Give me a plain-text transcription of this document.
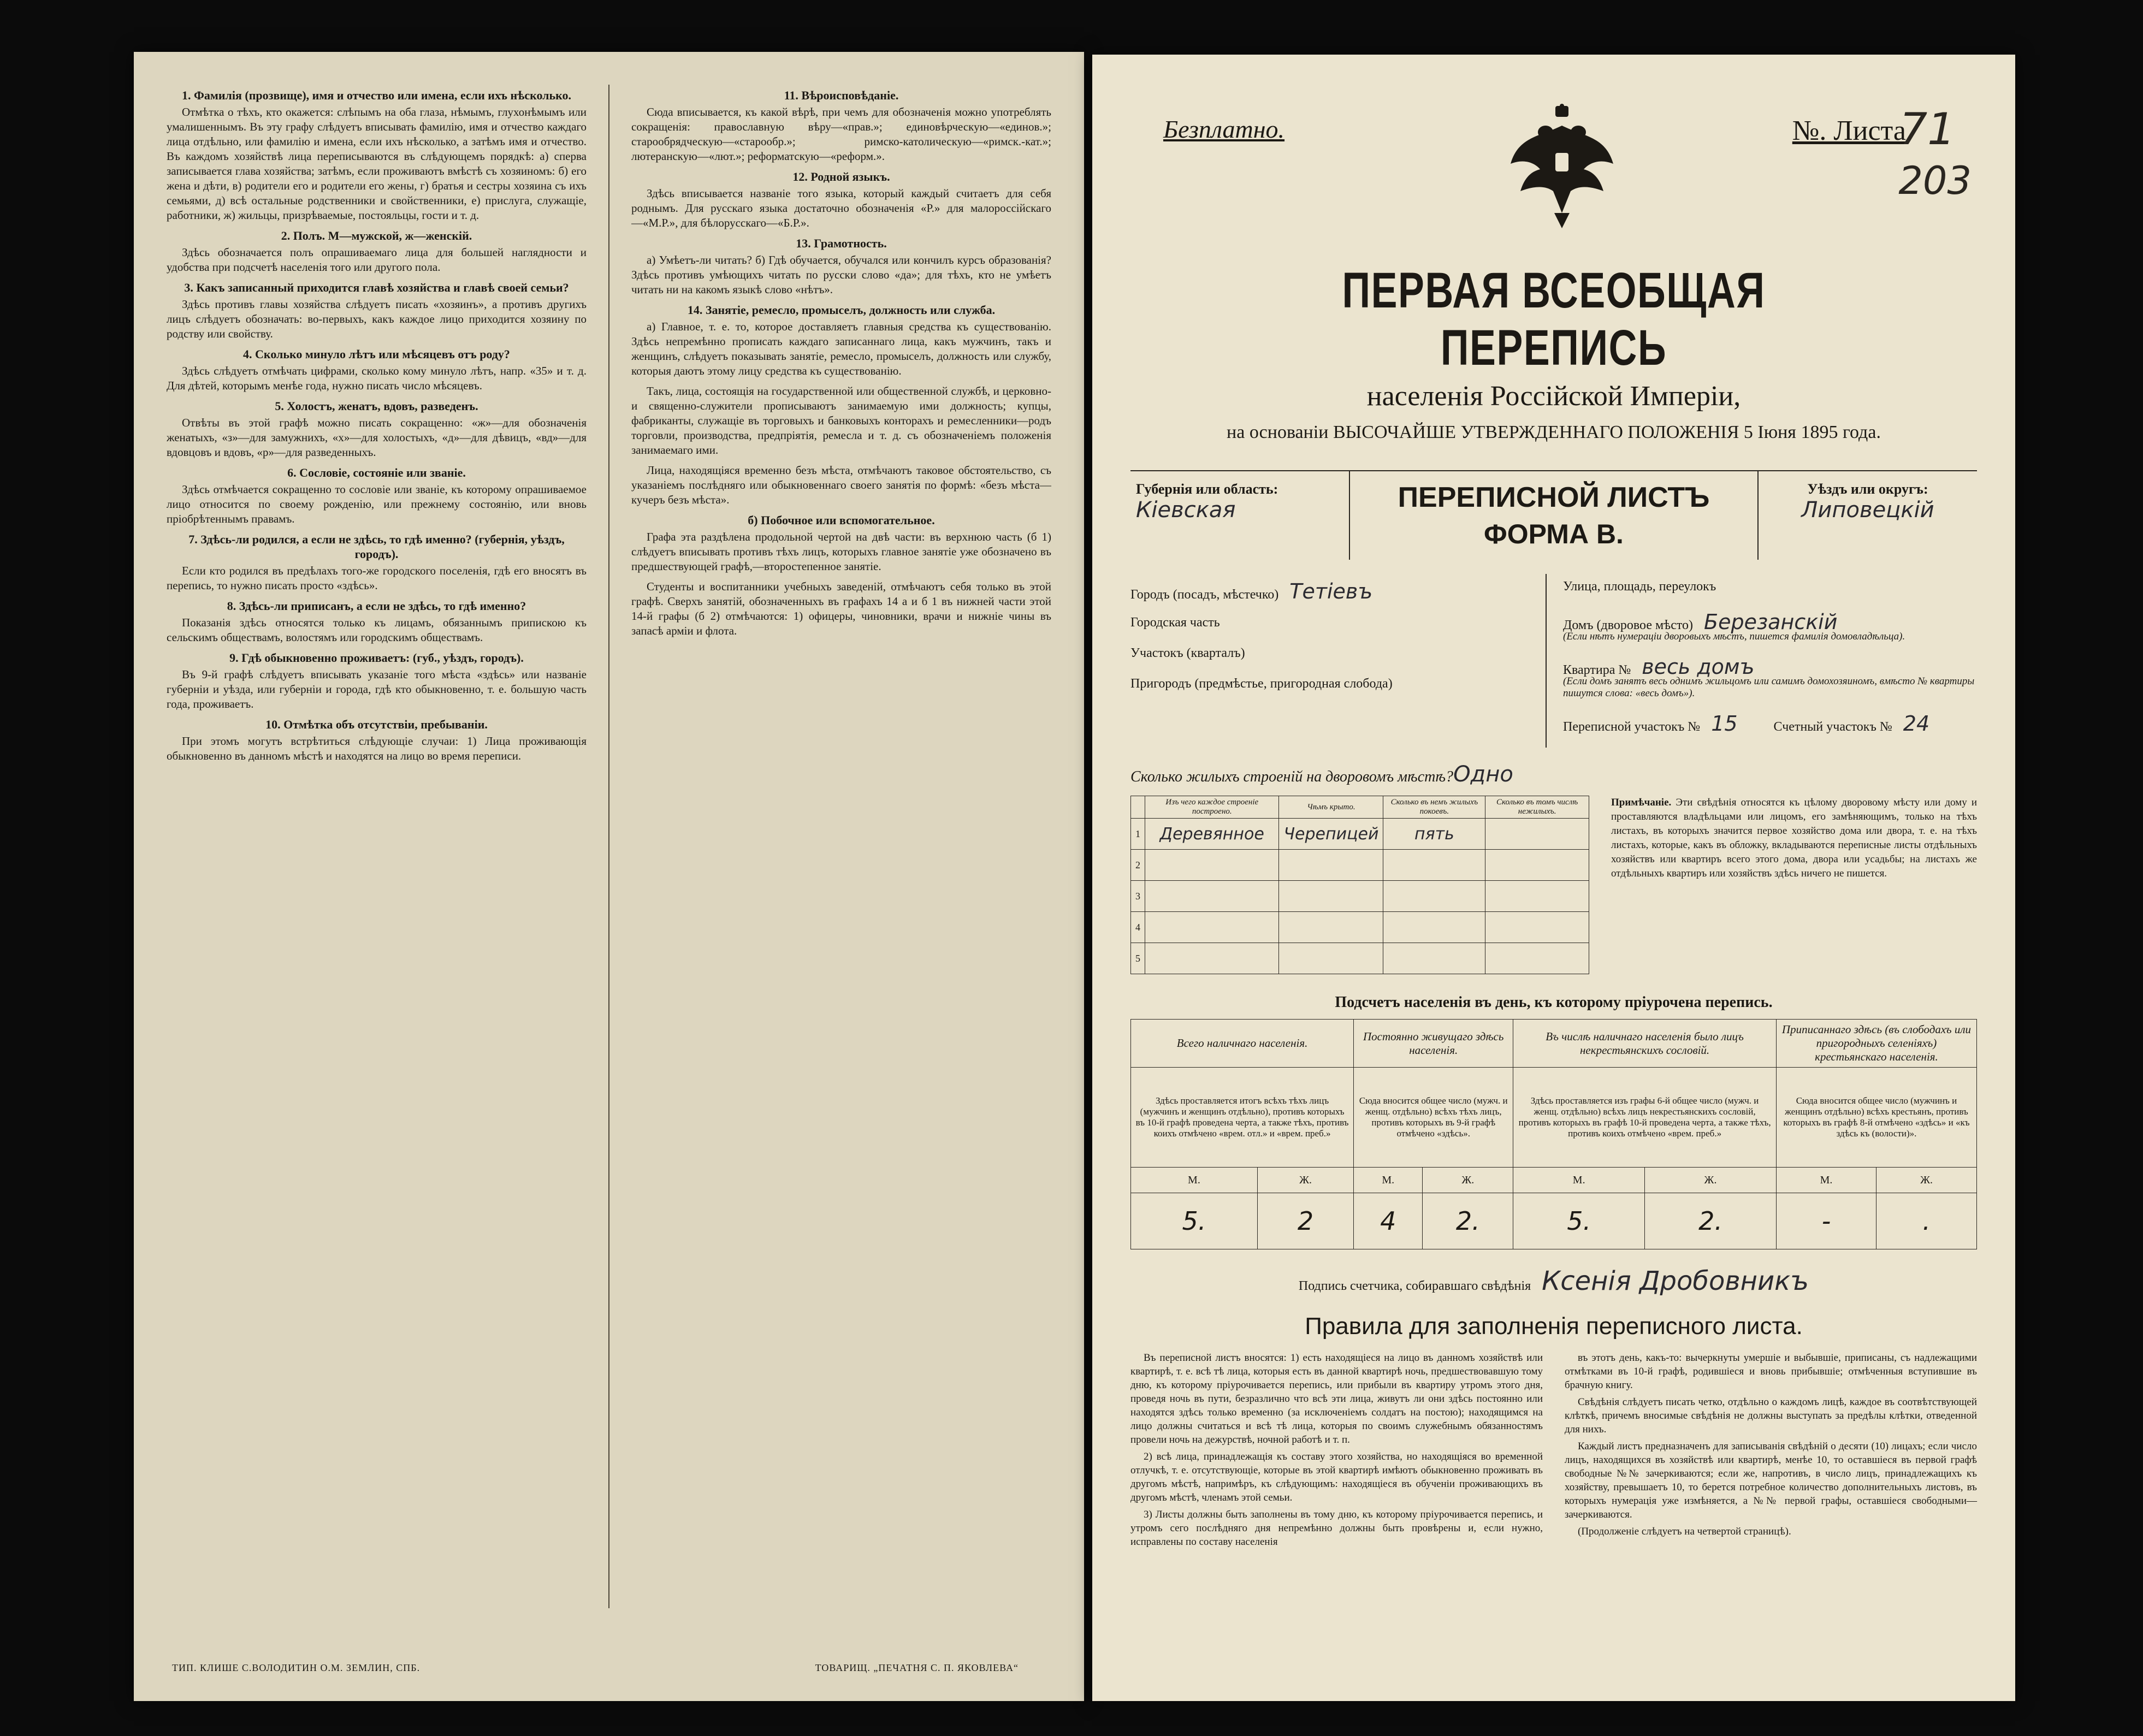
1. Фамилія (прозвище), имя и отчество или имена, если ихъ нѣсколько.

Отмѣтка о тѣхъ, кто окажется: слѣпымъ на оба глаза, нѣмымъ, глухонѣмымъ или умалишеннымъ. Въ эту графу слѣдуетъ вписывать фамилію, имя и отчество каждаго лица отдѣльно, или фамилію и имена, если ихъ нѣсколько, а затѣмъ имя и отчество. Въ каждомъ хозяйствѣ лица переписываются въ слѣдующемъ порядкѣ: а) сперва записывается глава хозяйства; затѣмъ, если проживаютъ вмѣстѣ съ хозяиномъ: б) его жена и дѣти, в) родители его и родители его жены, г) братья и сестры хозяина съ ихъ семьями, д) всѣ остальные родственники и свойственники, е) прислуга, служащіе, работники, ж) жильцы, призрѣваемые, постояльцы, гости и т. д.

2. Полъ. М—мужской, ж—женскій.

Здѣсь обозначается полъ опрашиваемаго лица для большей наглядности и удобства при подсчетѣ населенія того или другого пола.

3. Какъ записанный приходится главѣ хозяйства и главѣ своей семьи?

Здѣсь противъ главы хозяйства слѣдуетъ писать «хозяинъ», а противъ другихъ лицъ слѣдуетъ обозначать: во-первыхъ, какъ каждое лицо приходится хозяину по родству или свойству.

4. Сколько минуло лѣтъ или мѣсяцевъ отъ роду?

Здѣсь слѣдуетъ отмѣчать цифрами, сколько кому минуло лѣтъ, напр. «35» и т. д. Для дѣтей, которымъ менѣе года, нужно писать число мѣсяцевъ.

5. Холостъ, женатъ, вдовъ, разведенъ.

Отвѣты въ этой графѣ можно писать сокращенно: «ж»—для обозначенія женатыхъ, «з»—для замужнихъ, «х»—для холостыхъ, «д»—для дѣвицъ, «вд»—для вдовцовъ и вдовъ, «р»—для разведенныхъ.

6. Сословіе, состояніе или званіе.

Здѣсь отмѣчается сокращенно то сословіе или званіе, къ которому опрашиваемое лицо относится по своему рожденію, или прежнему состоянію, или вновь пріобрѣтеннымъ правамъ.

7. Здѣсь-ли родился, а если не здѣсь, то гдѣ именно? (губернія, уѣздъ, городъ).

Если кто родился въ предѣлахъ того-же городского поселенія, гдѣ его вносятъ въ перепись, то нужно писать просто «здѣсь».

8. Здѣсь-ли приписанъ, а если не здѣсь, то гдѣ именно?

Показанія здѣсь относятся только къ лицамъ, обязаннымъ припискою къ сельскимъ обществамъ, волостямъ или городскимъ обществамъ.

9. Гдѣ обыкновенно проживаетъ: (губ., уѣздъ, городъ).

Въ 9-й графѣ слѣдуетъ вписывать указаніе того мѣста «здѣсь» или названіе губерніи и уѣзда, или губерніи и города, гдѣ кто обыкновенно, т. е. большую часть года, проживаетъ.

10. Отмѣтка объ отсутствіи, пребываніи.

При этомъ могутъ встрѣтиться слѣдующіе случаи: 1) Лица проживающія обыкновенно въ данномъ мѣстѣ и находятся на лицо во время переписи.

11. Вѣроисповѣданіе.

Сюда вписывается, къ какой вѣрѣ, при чемъ для обозначенія можно употреблять сокращенія: православную вѣру—«прав.»; единовѣрческую—«единов.»; старообрядческую—«старообр.»; римско-католическую—«римск.-кат.»; лютеранскую—«лют.»; реформатскую—«реформ.».

12. Родной языкъ.

Здѣсь вписывается названіе того языка, который каждый считаетъ для себя роднымъ. Для русскаго языка достаточно обозначенія «Р.» для малороссійскаго—«М.Р.», для бѣлорусскаго—«Б.Р.».

13. Грамотность.

а) Умѣетъ-ли читать? б) Гдѣ обучается, обучался или кончилъ курсъ образованія? Здѣсь противъ умѣющихъ читать по русски слово «да»; для тѣхъ, кто не умѣетъ читать ни на какомъ языкѣ слово «нѣтъ».

14. Занятіе, ремесло, промыселъ, должность или служба.

а) Главное, т. е. то, которое доставляетъ главныя средства къ существованію. Здѣсь непремѣнно прописать каждаго записаннаго лица, какъ мужчинъ, такъ и женщинъ, слѣдуетъ показывать занятіе, ремесло, промыселъ, должность или службу, которыя даютъ этому лицу средства къ существованію.

Такъ, лица, состоящія на государственной или общественной службѣ, и церковно-и священно-служители прописываютъ занимаемую ими должность; купцы, фабриканты, служащіе въ торговыхъ и банковыхъ конторахъ и ремесленники—родъ торговли, производства, предпріятія, ремесла и т. д. съ обозначеніемъ положенія занимаемаго ими.

Лица, находящіяся временно безъ мѣста, отмѣчаютъ таковое обстоятельство, съ указаніемъ послѣдняго или обыкновеннаго своего занятія по формѣ: «безъ мѣста—кучеръ безъ мѣста».

б) Побочное или вспомогательное.

Графа эта раздѣлена продольной чертой на двѣ части: въ верхнюю часть (б 1) слѣдуетъ вписывать противъ тѣхъ лицъ, которыхъ главное занятіе уже обозначено въ предшествующей графѣ,—второстепенное занятіе.

Студенты и воспитанники учебныхъ заведеній, отмѣчаютъ себя только въ этой графѣ. Сверхъ занятій, обозначенныхъ въ графахъ 14 а и б 1 въ нижней части этой 14-й графы (б 2) отмѣчаются: 1) офицеры, чиновники, врачи и нижніе чины въ запасѣ арміи и флота.

ТИП. КЛИШЕ С.ВОЛОДИТИН О.М. ЗЕМЛИН, СПБ.	ТОВАРИЩ. „ПЕЧАТНЯ С. П. ЯКОВЛЕВА“
Безплатно.	№. Листа
71
203
ПЕРВАЯ ВСЕОБЩАЯ ПЕРЕПИСЬ
населенія Россійской Имперіи,
на основаніи ВЫСОЧАЙШЕ УТВЕРЖДЕННАГО ПОЛОЖЕНІЯ 5 Іюня 1895 года.
Губернія или область:
Кіевская	ПЕРЕПИСНОЙ ЛИСТЪ
ФОРМА В.
Уѣздъ или округъ:
Липовецкій
Городъ (посадъ, мѣстечко) Тетіевъ
Городская часть
Участокъ (кварталъ)
Пригородъ (предмѣстье, пригородная слобода)
Улица, площадь, переулокъ
Домъ (дворовое мѣсто) Березанскій
(Если нѣтъ нумераціи дворовыхъ мѣстъ, пишется фамилія домовладѣльца).
Квартира № весь домъ
(Если домъ занятъ весь однимъ жильцомъ или самимъ домохозяиномъ, вмѣсто № квартиры пишутся слова: «весь домъ»).
Переписной участокъ № 15	Счетный участокъ № 24
Сколько жилыхъ строеній на дворовомъ мѣстѣ?Одно
	Изъ чего каждое строеніе построено.	Чѣмъ крыто.	Сколько въ немъ жилыхъ покоевъ.	Сколько въ томъ числѣ нежилыхъ.
1	Деревянное	Черепицей	пять	
2				
3				
4				
5				
Примѣчаніе. Эти свѣдѣнія относятся къ цѣлому дворовому мѣсту или дому и проставляются владѣльцами или лицомъ, его замѣняющимъ, только на тѣхъ листахъ, въ которыхъ значится первое хозяйство дома или двора, т. е. на тѣхъ листахъ, которые, какъ въ обложку, вкладываются переписные листы отдѣльныхъ хозяйствъ или квартиръ всего этого дома, двора или усадьбы; на листахъ же отдѣльныхъ квартиръ или хозяйствъ здѣсь ничего не пишется.
Подсчетъ населенія въ день, къ которому пріурочена перепись.
Всего наличнаго населенія.		Постоянно живущаго здѣсь населенія.		Въ числѣ наличнаго населенія было лицъ некрестьянскихъ сословій.		Приписаннаго здѣсь (въ слободахъ или пригородныхъ селеніяхъ) крестьянскаго населенія.	
Здѣсь проставляется итогъ всѣхъ тѣхъ лицъ (мужчинъ и женщинъ отдѣльно), противъ которыхъ въ 10-й графѣ проведена черта, а также тѣхъ, противъ коихъ отмѣчено «врем. отл.» и «врем. преб.»		Сюда вносится общее число (мужч. и женщ. отдѣльно) всѣхъ тѣхъ лицъ, противъ которыхъ въ 9-й графѣ отмѣчено «здѣсь».		Здѣсь проставляется изъ графы 6-й общее число (мужч. и женщ. отдѣльно) всѣхъ лицъ некрестьянскихъ сословій, противъ которыхъ въ графѣ 10-й проведена черта, а также тѣхъ, противъ коихъ отмѣчено «врем. преб.»		Сюда вносится общее число (мужчинъ и женщинъ отдѣльно) всѣхъ крестьянъ, противъ которыхъ въ графѣ 8-й отмѣчено «здѣсь» и «къ здѣсь къ (волости)».	
М.	Ж.	М.	Ж.	М.	Ж.	М.	Ж.
5.	2	4	2.	5.	2.	-	.
Подпись счетчика, собиравшаго свѣдѣнія Ксенія Дробовникъ
Правила для заполненія переписного листа.

Въ переписной листъ вносятся: 1) есть находящіеся на лицо въ данномъ хозяйствѣ или квартирѣ, т. е. всѣ тѣ лица, которыя есть въ данной квартирѣ ночь, предшествовавшую тому дню, къ которому пріурочивается перепись, или прибыли въ квартиру утромъ этого дня, проведя ночь въ пути, безразлично что всѣ эти лица, живутъ ли они здѣсь постоянно или находятся здѣсь только временно (за исключеніемъ солдатъ на постою); находящимся на лицо должны считаться и всѣ тѣ лица, которыя по своимъ служебнымъ обязанностямъ провели ночь на дежурствѣ, ночной работѣ и т. п.

2) всѣ лица, принадлежащія къ составу этого хозяйства, но находящіяся во временной отлучкѣ, т. е. отсутствующіе, которые въ этой квартирѣ имѣютъ обыкновенно проживать въ другомъ мѣстѣ, напримѣръ, къ слѣдующимъ: находящіеся въ обученіи проживающихъ въ другомъ мѣстѣ, членамъ этой семьи.

3) Листы должны быть заполнены въ тому дню, къ которому пріурочивается перепись, и утромъ сего послѣдняго дня непремѣнно должны быть провѣрены и, если нужно, исправлены по составу населенія

въ этотъ день, какъ-то: вычеркнуты умершіе и выбывшіе, приписаны, съ надлежащими отмѣтками въ 10-й графѣ, родившіеся и вновь прибывшіе; отмѣченныя вступившие въ брачную книгу.

Свѣдѣнія слѣдуетъ писать четко, отдѣльно о каждомъ лицѣ, каждое въ соотвѣтствующей клѣткѣ, причемъ вносимые свѣдѣнія не должны выступать за предѣлы клѣтки, отведенной для нихъ.

Каждый листъ предназначенъ для записыванія свѣдѣній о десяти (10) лицахъ; если число лицъ, находящихся въ хозяйствѣ или квартирѣ, менѣе 10, то оставшіеся въ первой графѣ свободные №№ зачеркиваются; если же, напротивъ, в число лицъ, принадлежащихъ къ хозяйству, превышаетъ 10, то берется потребное количество дополнительныхъ листовъ, въ которыхъ нумерація уже измѣняется, а №№ первой графы, оставшіеся свободными—зачеркиваются.

(Продолженіе слѣдуетъ на четвертой страницѣ).
